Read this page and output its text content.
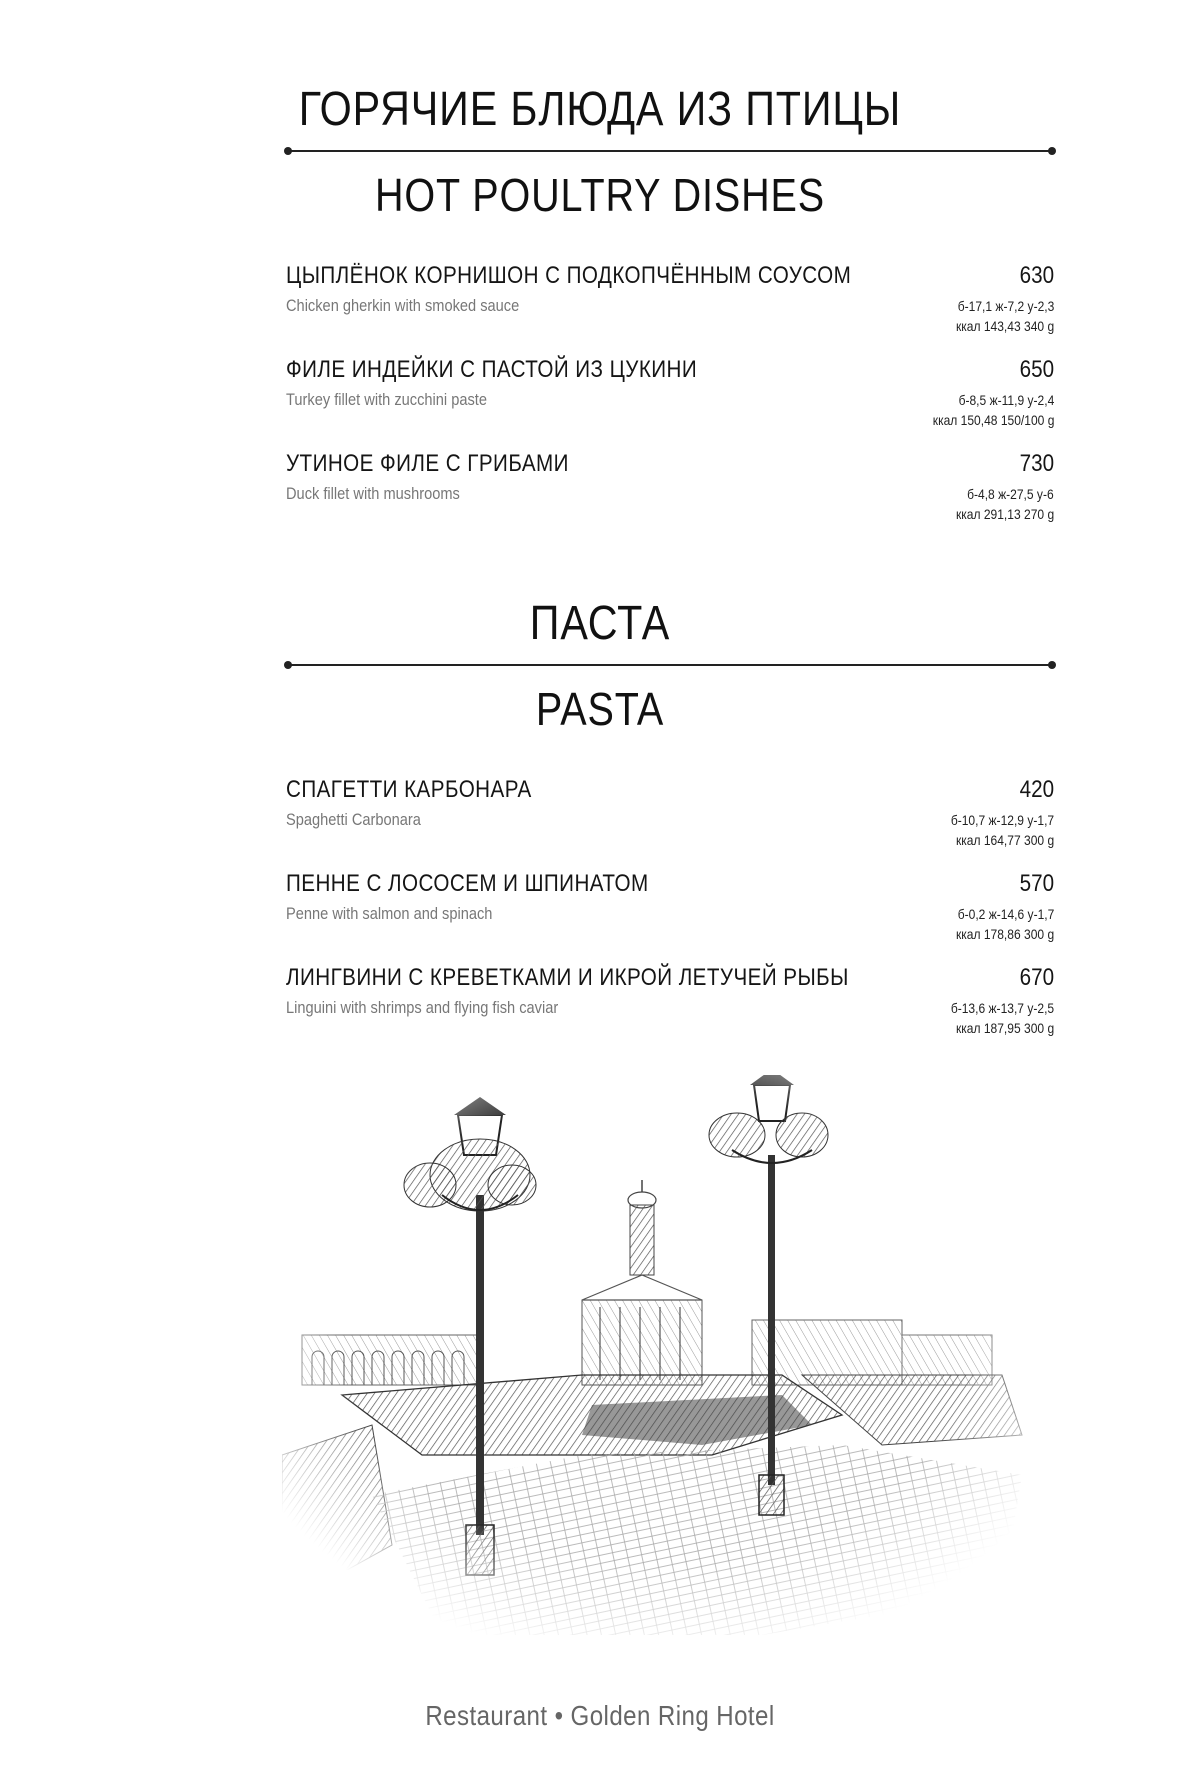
ГОРЯЧИЕ БЛЮДА ИЗ ПТИЦЫ
HOT POULTRY DISHES
ЦЫПЛЁНОК КОРНИШОН С ПОДКОПЧЁННЫМ СОУСОМ
Chicken gherkin with smoked sauce
630
б-17,1 ж-7,2 у-2,3
ккал 143,43 340 g
ФИЛЕ ИНДЕЙКИ С ПАСТОЙ ИЗ ЦУКИНИ
Turkey fillet with zucchini paste
650
б-8,5 ж-11,9 у-2,4
ккал 150,48 150/100 g
УТИНОЕ ФИЛЕ С ГРИБАМИ
Duck fillet with mushrooms
730
б-4,8 ж-27,5 у-6
ккал 291,13 270 g
ПАСТА
PASTA
СПАГЕТТИ КАРБОНАРА
Spaghetti Carbonara
420
б-10,7 ж-12,9 у-1,7
ккал 164,77 300 g
ПЕННЕ С ЛОСОСЕМ И ШПИНАТОМ
Penne with salmon and spinach
570
б-0,2 ж-14,6 у-1,7
ккал 178,86 300 g
ЛИНГВИНИ С КРЕВЕТКАМИ И ИКРОЙ ЛЕТУЧЕЙ РЫБЫ
Linguini with shrimps and flying fish caviar
670
б-13,6 ж-13,7 у-2,5
ккал 187,95 300 g
Restaurant • Golden Ring Hotel
